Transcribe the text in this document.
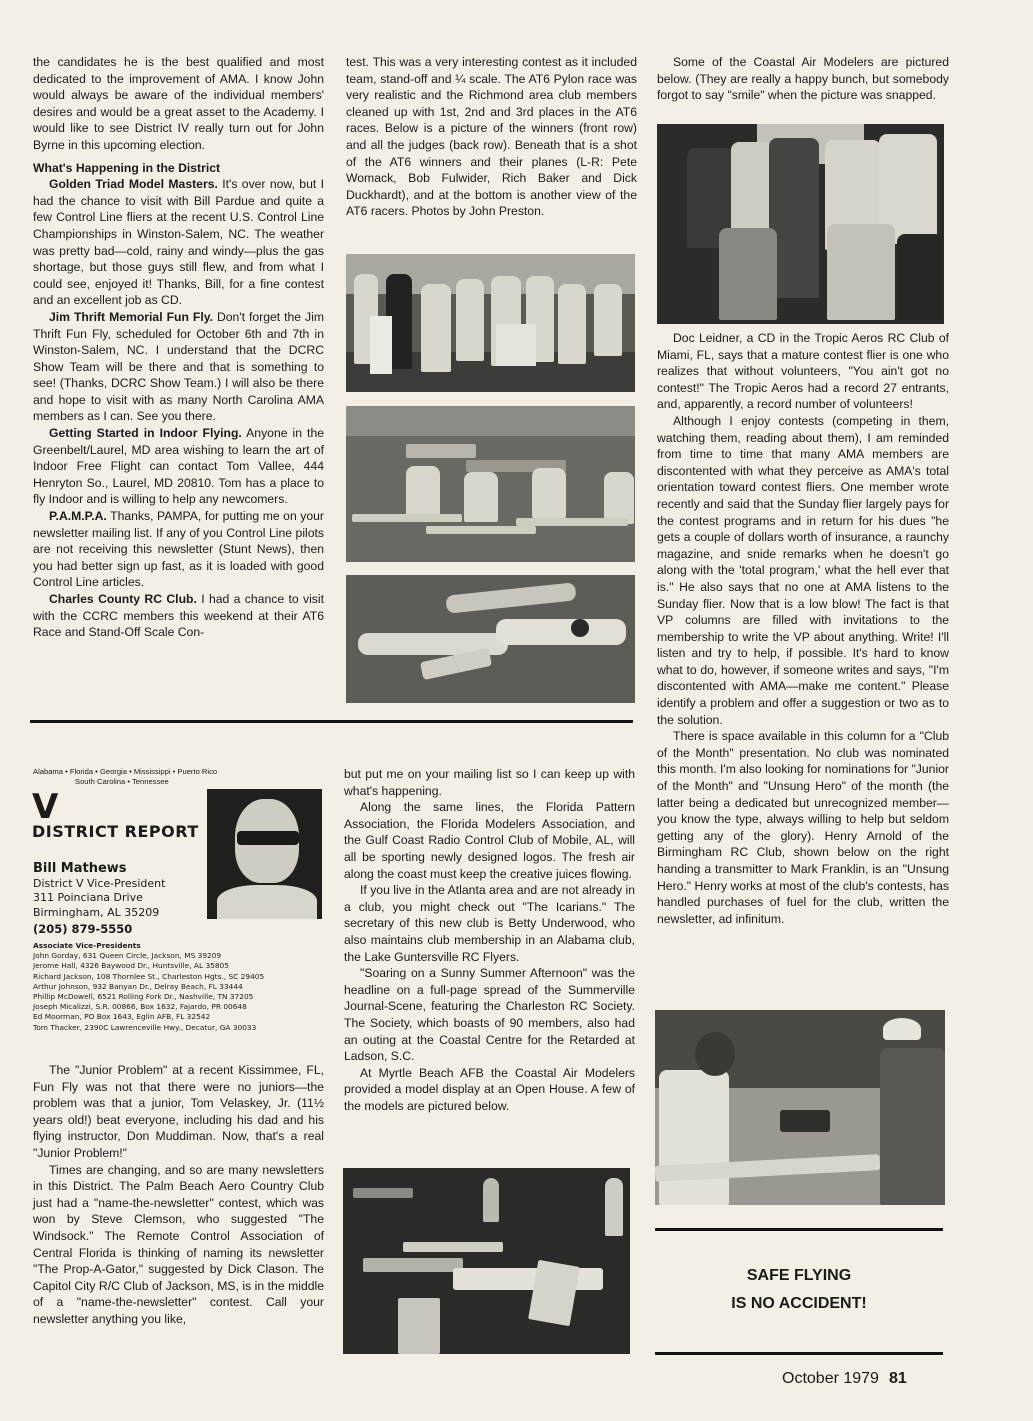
the candidates he is the best qualified and most dedicated to the improvement of AMA. I know John would always be aware of the individual members' desires and would be a great asset to the Academy. I would like to see District IV really turn out for John Byrne in this upcoming election.

What's Happening in the District

Golden Triad Model Masters. It's over now, but I had the chance to visit with Bill Pardue and quite a few Control Line fliers at the recent U.S. Control Line Championships in Winston-Salem, NC. The weather was pretty bad—cold, rainy and windy—plus the gas shortage, but those guys still flew, and from what I could see, enjoyed it! Thanks, Bill, for a fine contest and an excellent job as CD.

Jim Thrift Memorial Fun Fly. Don't forget the Jim Thrift Fun Fly, scheduled for October 6th and 7th in Winston-Salem, NC. I understand that the DCRC Show Team will be there and that is something to see! (Thanks, DCRC Show Team.) I will also be there and hope to visit with as many North Carolina AMA members as I can. See you there.

Getting Started in Indoor Flying. Anyone in the Greenbelt/Laurel, MD area wishing to learn the art of Indoor Free Flight can contact Tom Vallee, 444 Henryton So., Laurel, MD 20810. Tom has a place to fly Indoor and is willing to help any newcomers.

P.A.M.P.A. Thanks, PAMPA, for putting me on your newsletter mailing list. If any of you Control Line pilots are not receiving this newsletter (Stunt News), then you had better sign up fast, as it is loaded with good Control Line articles.

Charles County RC Club. I had a chance to visit with the CCRC members this weekend at their AT6 Race and Stand-Off Scale Con-

test. This was a very interesting contest as it included team, stand-off and ¼ scale. The AT6 Pylon race was very realistic and the Richmond area club members cleaned up with 1st, 2nd and 3rd places in the AT6 races. Below is a picture of the winners (front row) and all the judges (back row). Beneath that is a shot of the AT6 winners and their planes (L-R: Pete Womack, Bob Fulwider, Rich Baker and Dick Duckhardt), and at the bottom is another view of the AT6 racers. Photos by John Preston.

Some of the Coastal Air Modelers are pictured below. (They are really a happy bunch, but somebody forgot to say "smile" when the picture was snapped.

Doc Leidner, a CD in the Tropic Aeros RC Club of Miami, FL, says that a mature contest flier is one who realizes that without volunteers, "You ain't got no contest!" The Tropic Aeros had a record 27 entrants, and, apparently, a record number of volunteers!

Although I enjoy contests (competing in them, watching them, reading about them), I am reminded from time to time that many AMA members are discontented with what they perceive as AMA's total orientation toward contest fliers. One member wrote recently and said that the Sunday flier largely pays for the contest programs and in return for his dues "he gets a couple of dollars worth of insurance, a raunchy magazine, and snide remarks when he doesn't go along with the 'total program,' what the hell ever that is." He also says that no one at AMA listens to the Sunday flier. Now that is a low blow! The fact is that VP columns are filled with invitations to the membership to write the VP about anything. Write! I'll listen and try to help, if possible. It's hard to know what to do, however, if someone writes and says, "I'm discontented with AMA—make me content." Please identify a problem and offer a suggestion or two as to the solution.

There is space available in this column for a "Club of the Month" presentation. No club was nominated this month. I'm also looking for nominations for "Junior of the Month" and "Unsung Hero" of the month (the latter being a dedicated but unrecognized member—you know the type, always willing to help but seldom getting any of the glory). Henry Arnold of the Birmingham RC Club, shown below on the right handing a transmitter to Mark Franklin, is an "Unsung Hero." Henry works at most of the club's contests, has handled purchases of fuel for the club, written the newsletter, ad infinitum.

Alabama • Florida • Georgia • Mississippi • Puerto Rico
South Carolina • Tennessee
V
DISTRICT REPORT
Bill Mathews
District V Vice-President
311 Poinciana Drive
Birmingham, AL 35209
(205) 879-5550
Associate Vice-Presidents
John Gorday, 631 Queen Circle, Jackson, MS 39209
Jerome Hall, 4326 Baywood Dr., Huntsville, AL 35805
Richard Jackson, 108 Thornlee St., Charleston Hgts., SC 29405
Arthur Johnson, 932 Banyan Dr., Delray Beach, FL 33444
Phillip McDowell, 6521 Rolling Fork Dr., Nashville, TN 37205
Joseph Micalizzi, S.R. 00866, Box 1632, Fajardo, PR 00648
Ed Moorman, PO Box 1643, Eglin AFB, FL 32542
Tom Thacker, 2390C Lawrenceville Hwy., Decatur, GA 30033

The "Junior Problem" at a recent Kissimmee, FL, Fun Fly was not that there were no juniors—the problem was that a junior, Tom Velaskey, Jr. (11½ years old!) beat everyone, including his dad and his flying instructor, Don Muddiman. Now, that's a real "Junior Problem!"

Times are changing, and so are many newsletters in this District. The Palm Beach Aero Country Club just had a "name-the-newsletter" contest, which was won by Steve Clemson, who suggested "The Windsock." The Remote Control Association of Central Florida is thinking of naming its newsletter "The Prop-A-Gator," suggested by Dick Clason. The Capitol City R/C Club of Jackson, MS, is in the middle of a "name-the-newsletter" contest. Call your newsletter anything you like,

but put me on your mailing list so I can keep up with what's happening.

Along the same lines, the Florida Pattern Association, the Florida Modelers Association, and the Gulf Coast Radio Control Club of Mobile, AL, will all be sporting newly designed logos. The fresh air along the coast must keep the creative juices flowing.

If you live in the Atlanta area and are not already in a club, you might check out "The Icarians." The secretary of this new club is Betty Underwood, who also maintains club membership in an Alabama club, the Lake Guntersville RC Flyers.

"Soaring on a Sunny Summer Afternoon" was the headline on a full-page spread of the Summerville Journal-Scene, featuring the Charleston RC Society. The Society, which boasts of 90 members, also had an outing at the Coastal Centre for the Retarded at Ladson, S.C.

At Myrtle Beach AFB the Coastal Air Modelers provided a model display at an Open House. A few of the models are pictured below.

SAFE FLYING
IS NO ACCIDENT!
October 1979 81
